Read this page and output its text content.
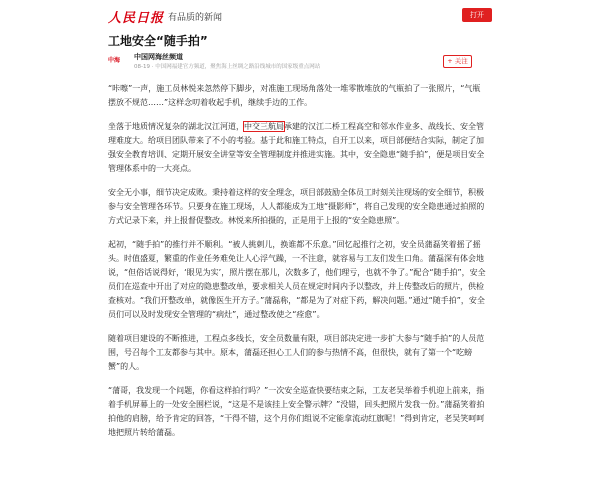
人民日报 有品质的新闻	打开
工地安全“随手拍”
中海	中国网海丝频道
08-19 · 中国网福建官方频道，聚焦海上丝绸之路沿线城市的国家级重点网站
+ 关注

“咔嚓”一声，施工员林悦来忽然停下脚步，对准施工现场角落处一堆零散堆放的气瓶拍了一张照片，“气瓶摆放不规范……”这样念叨着收起手机，继续手边的工作。

坐落于地质情况复杂的湖北汉江河道，中交三航局承建的汉江二桥工程高空和邻水作业多、战线长、安全管理难度大。给项目团队带来了不小的考验。基于此和施工特点，自开工以来，项目部便结合实际，制定了加强安全教育培训、定期开展安全讲堂等安全管理制度并推进实施。其中，安全隐患“随手拍”，便是项目安全管理体系中的一大亮点。

安全无小事，细节决定成败。秉持着这样的安全理念，项目部鼓励全体员工时刻关注现场的安全细节，积极参与安全管理各环节。只要身在施工现场，人人都能成为工地“摄影师”，将自己发现的安全隐患通过拍照的方式记录下来，并上报督促整改。林悦来所拍摄的，正是用于上报的“安全隐患照”。

起初，“随手拍”的推行并不顺利。“被人挑刺儿，换谁都不乐意。”回忆起推行之初，安全员蒲磊笑着摇了摇头。时值盛夏，繁重的作业任务难免让人心浮气躁，一不注意，就容易与工友们发生口角。蒲磊深有体会地说，“但俗话说得好，‘眼见为实’，照片摆在那儿，次数多了，他们理亏，也就不争了。”配合“随手拍”，安全员们在巡查中开出了对应的隐患整改单，要求相关人员在规定时间内予以整改，并上传整改后的照片，供检查核对。“我们开整改单，就像医生开方子。”蒲磊称，“都是为了对症下药，解决问题。”通过“随手拍”，安全员们可以及时发现安全管理的“病灶”，通过整改使之“痊愈”。

随着项目建设的不断推进，工程点多线长，安全员数量有限，项目部决定进一步扩大参与“随手拍”的人员范围，号召每个工友都参与其中。原本，蒲磊还担心工人们的参与热情不高，但很快，就有了第一个“吃螃蟹”的人。

“蒲哥，我发现一个问题，你看这样拍行吗？”一次安全巡查快要结束之际，工友老吴举着手机迎上前来，指着手机屏幕上的一处安全围栏说，“这是不是该挂上安全警示牌？”没错，回头把照片发我一份。”蒲磊笑着拍拍他的肩膀，给予肯定的回答，“干得不错，这个月你们组说不定能拿流动红旗呢！”得到肯定，老吴笑呵呵地把照片转给蒲磊。
